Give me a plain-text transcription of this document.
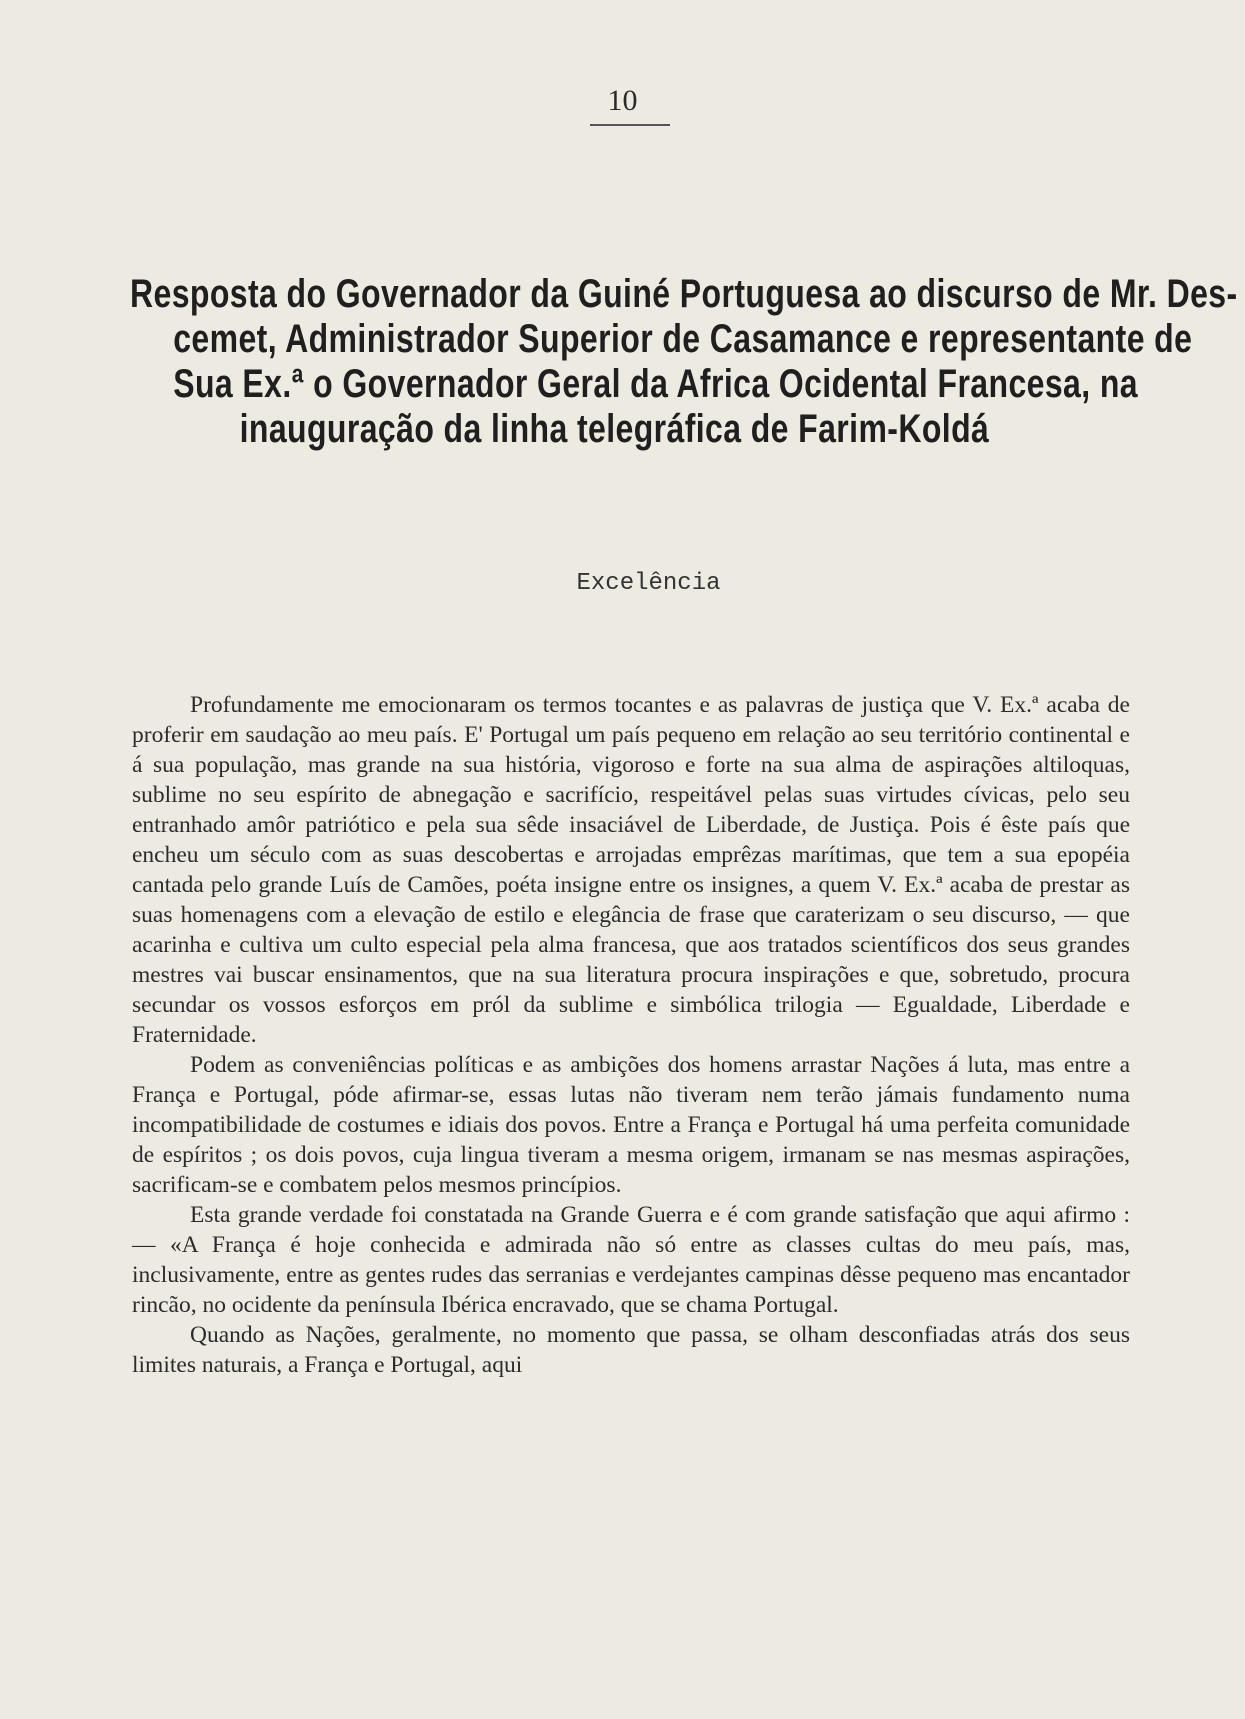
10
Resposta do Governador da Guiné Portuguesa ao discurso de Mr. Des-
cemet, Administrador Superior de Casamance e representante de
Sua Ex.ª o Governador Geral da Africa Ocidental Francesa, na
inauguração da linha telegráfica de Farim-Koldá
Excelência

Profundamente me emocionaram os termos tocantes e as palavras de justiça que V. Ex.ª acaba de proferir em saudação ao meu país. E' Portugal um país pequeno em relação ao seu território continental e á sua população, mas grande na sua história, vigoroso e forte na sua alma de aspirações altiloquas, sublime no seu espírito de abnegação e sacrifício, respeitável pelas suas virtudes cívicas, pelo seu entranhado amôr patriótico e pela sua sêde insaciável de Liberdade, de Justiça. Pois é êste país que encheu um século com as suas descobertas e arrojadas emprêzas marítimas, que tem a sua epopéia cantada pelo grande Luís de Camões, poéta insigne entre os insignes, a quem V. Ex.ª acaba de prestar as suas homenagens com a elevação de estilo e elegância de frase que caraterizam o seu discurso, — que acarinha e cultiva um culto especial pela alma francesa, que aos tratados scientíficos dos seus grandes mestres vai buscar ensinamentos, que na sua literatura procura inspirações e que, sobretudo, procura secundar os vossos esforços em pról da sublime e simbólica trilogia — Egualdade, Liberdade e Fraternidade.

Podem as conveniências políticas e as ambições dos homens arrastar Nações á luta, mas entre a França e Portugal, póde afirmar-se, essas lutas não tiveram nem terão jámais fundamento numa incompatibilidade de costumes e idiais dos povos. Entre a França e Portugal há uma perfeita comunidade de espíritos ; os dois povos, cuja lingua tiveram a mesma origem, irmanam se nas mesmas aspirações, sacrificam-se e combatem pelos mesmos princípios.

Esta grande verdade foi constatada na Grande Guerra e é com grande satisfação que aqui afirmo : — «A França é hoje conhecida e admirada não só entre as classes cultas do meu país, mas, inclusivamente, entre as gentes rudes das serranias e verdejantes campinas dêsse pequeno mas encantador rincão, no ocidente da península Ibérica encravado, que se chama Portugal.

Quando as Nações, geralmente, no momento que passa, se olham desconfiadas atrás dos seus limites naturais, a França e Portugal, aqui
